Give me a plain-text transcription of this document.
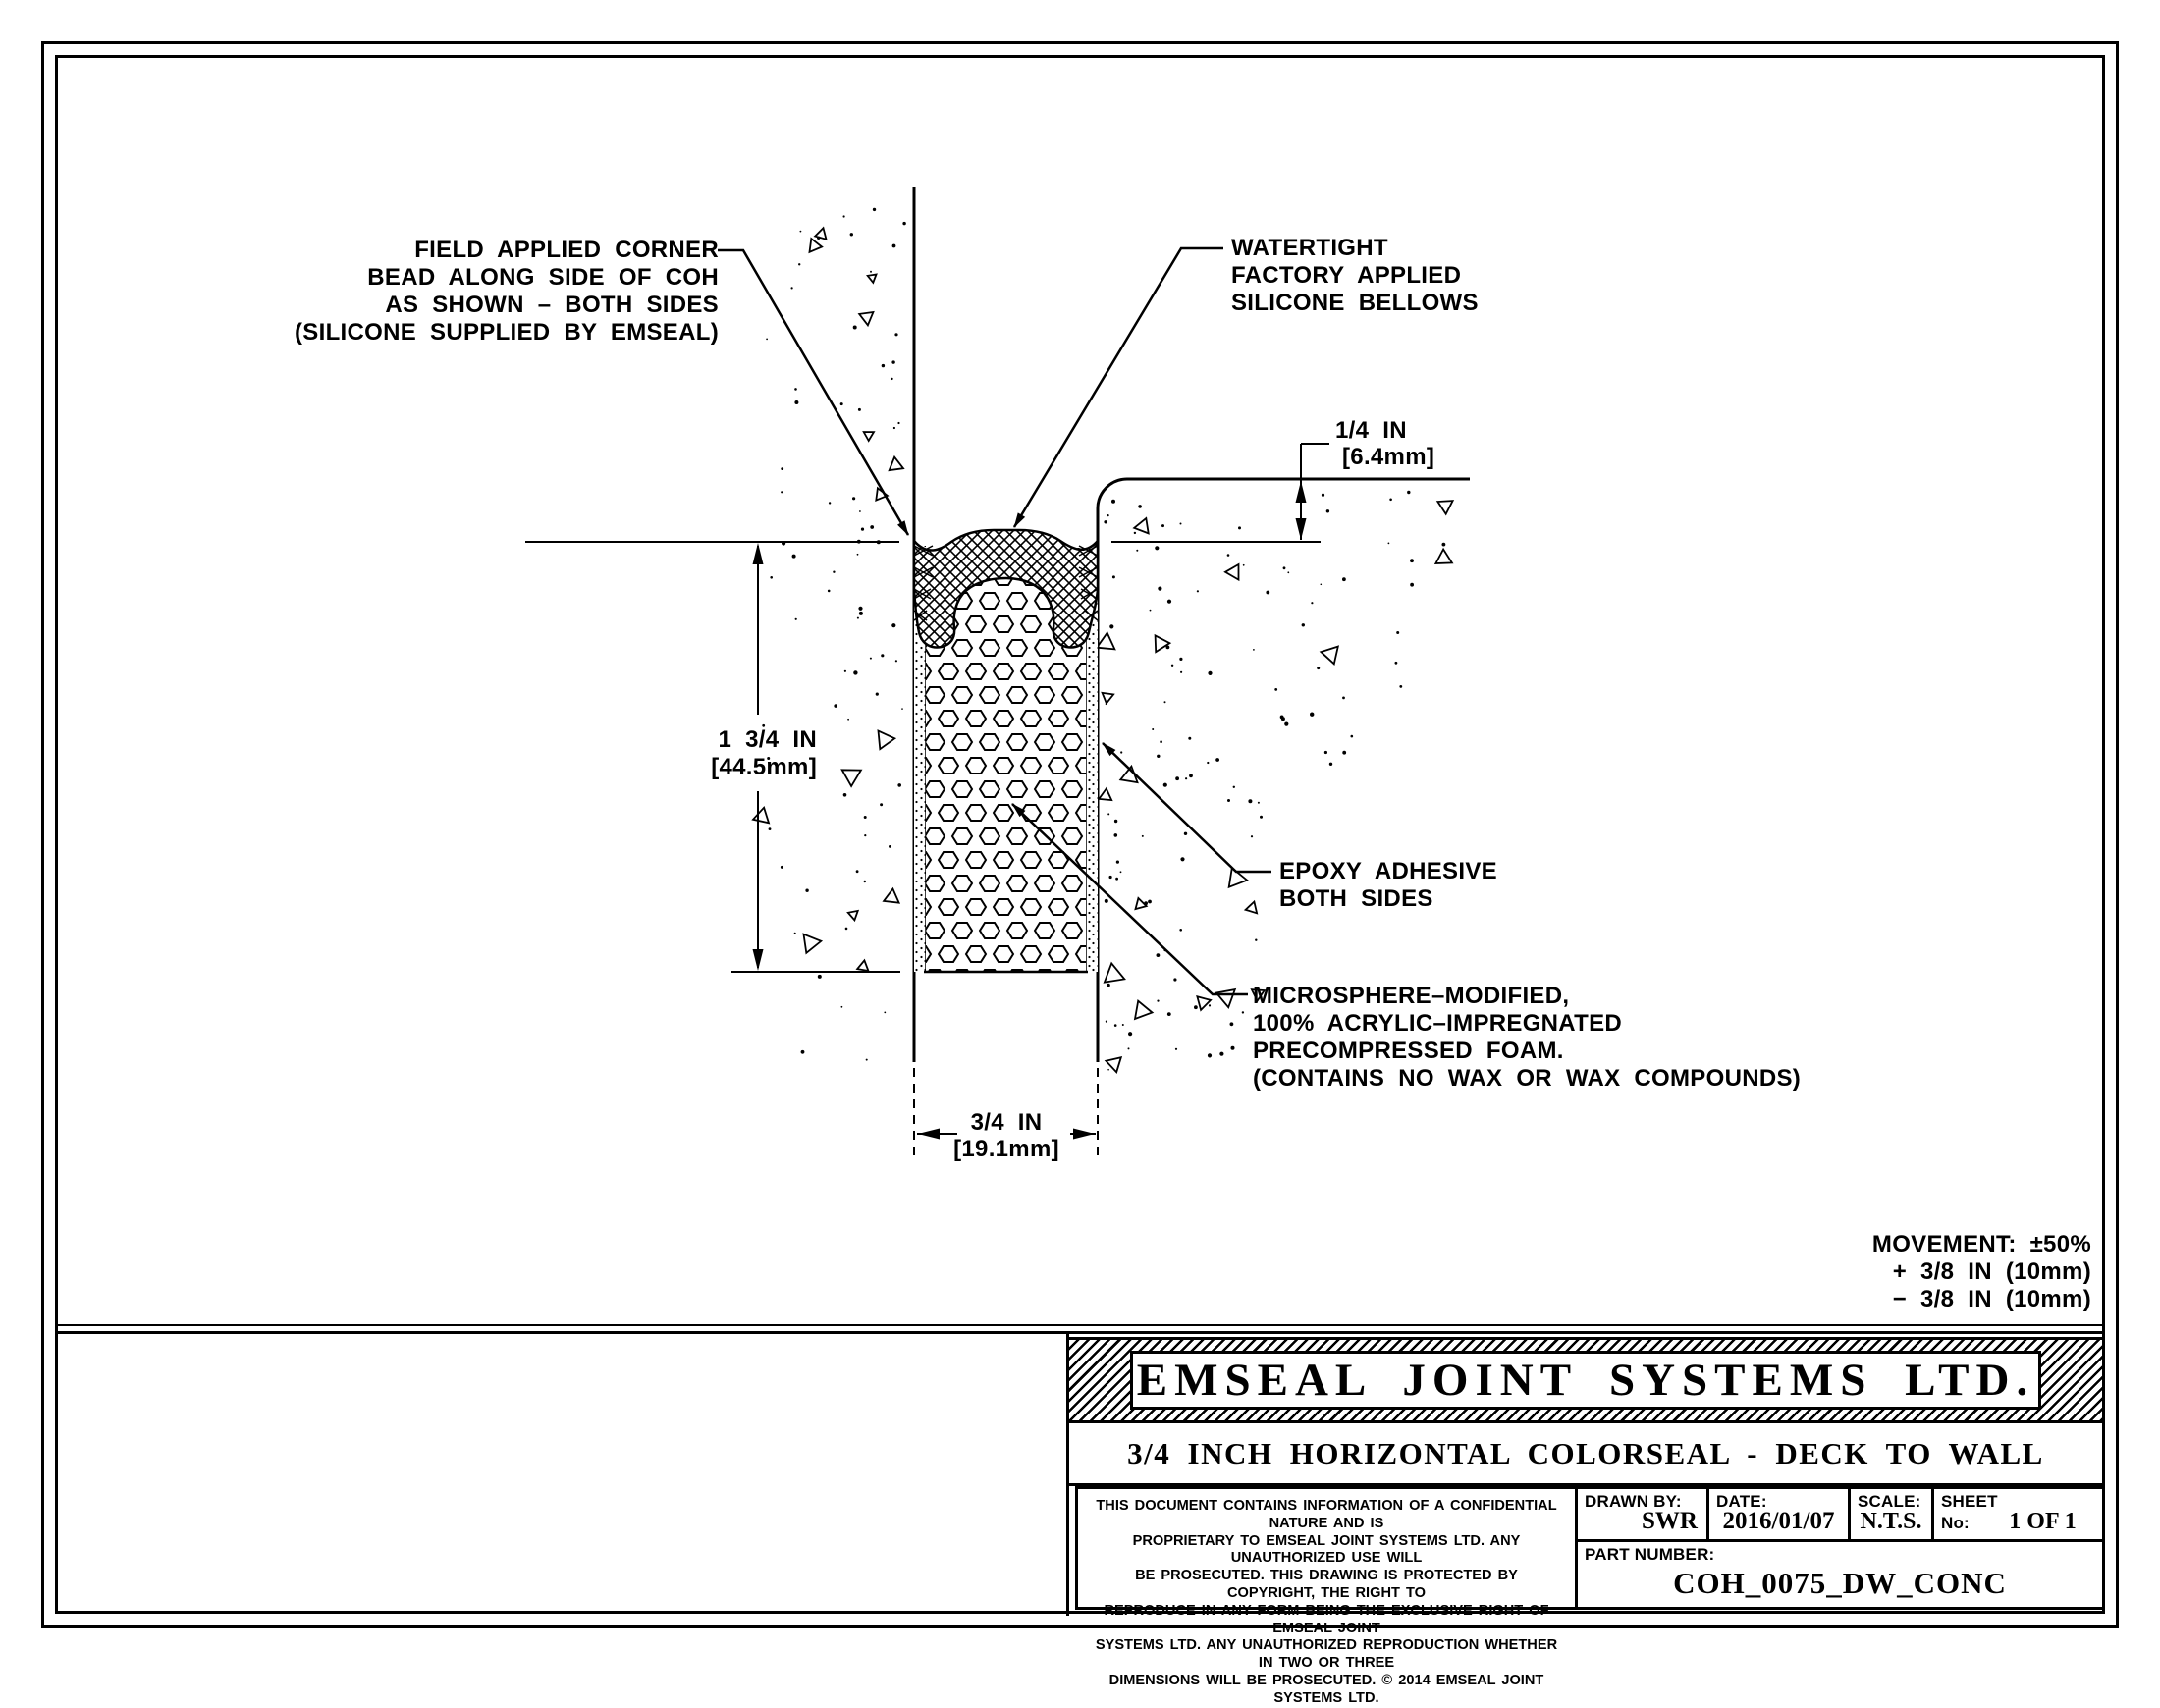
FIELD APPLIED CORNER
BEAD ALONG SIDE OF COH
AS SHOWN – BOTH SIDES
(SILICONE SUPPLIED BY EMSEAL)
WATERTIGHT
FACTORY APPLIED
SILICONE BELLOWS
1/4 IN
[6.4mm]
1 3/4 IN
[44.5mm]
EPOXY ADHESIVE
BOTH SIDES
MICROSPHERE–MODIFIED,
100% ACRYLIC–IMPREGNATED
PRECOMPRESSED FOAM.
(CONTAINS NO WAX OR WAX COMPOUNDS)
3/4 IN
[19.1mm]
MOVEMENT: ±50%
+ 3/8 IN (10mm)
− 3/8 IN (10mm)
EMSEAL JOINT SYSTEMS LTD.
3/4 INCH HORIZONTAL COLORSEAL - DECK TO WALL
THIS DOCUMENT CONTAINS INFORMATION OF A CONFIDENTIAL NATURE AND IS
PROPRIETARY TO EMSEAL JOINT SYSTEMS LTD. ANY UNAUTHORIZED USE WILL
BE PROSECUTED. THIS DRAWING IS PROTECTED BY COPYRIGHT, THE RIGHT TO
REPRODUCE IN ANY FORM BEING THE EXCLUSIVE RIGHT OF EMSEAL JOINT
SYSTEMS LTD. ANY UNAUTHORIZED REPRODUCTION WHETHER IN TWO OR THREE
DIMENSIONS WILL BE PROSECUTED. © 2014 EMSEAL JOINT SYSTEMS LTD.
DRAWN BY:
SWR
DATE:
2016/01/07
SCALE:
N.T.S.
SHEET
No:	1 OF 1
PART NUMBER:
COH_0075_DW_CONC
